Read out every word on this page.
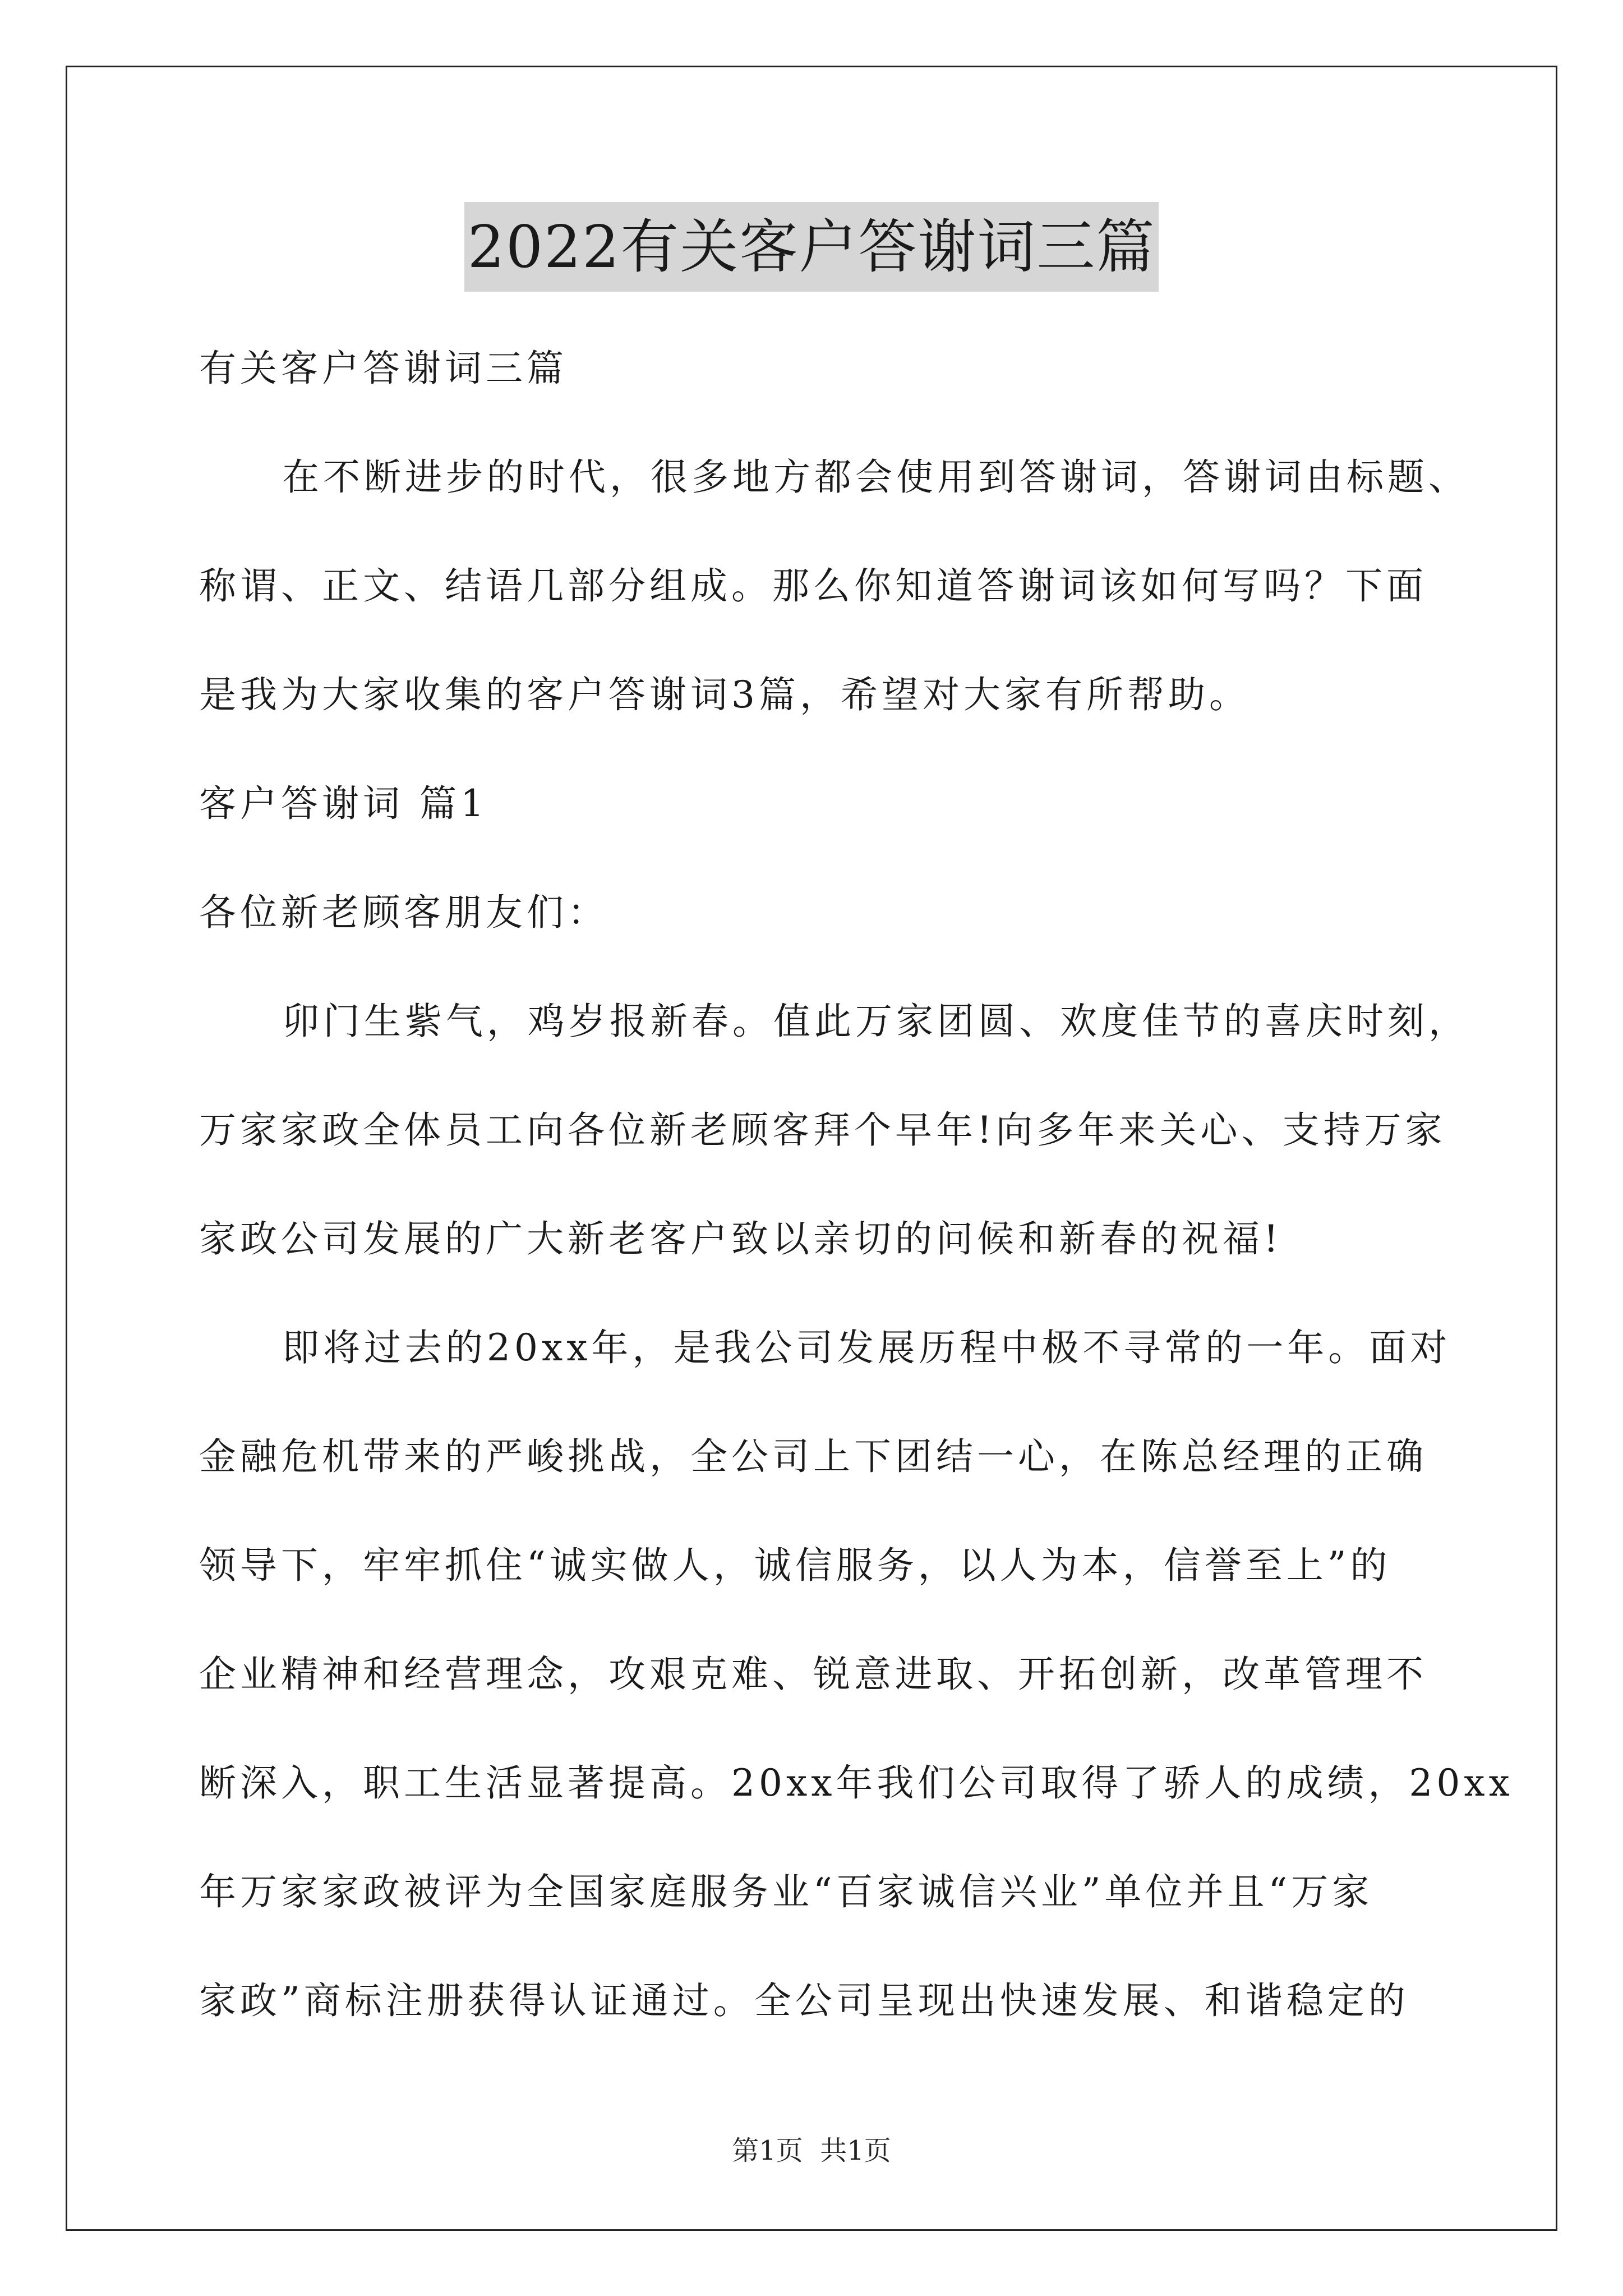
2022有关客户答谢词三篇
有关客户答谢词三篇
在不断进步的时代，很多地方都会使用到答谢词，答谢词由标题、
称谓、正文、结语几部分组成。那么你知道答谢词该如何写吗？下面
是我为大家收集的客户答谢词3篇，希望对大家有所帮助。
客户答谢词 篇1
各位新老顾客朋友们：
卯门生紫气，鸡岁报新春。值此万家团圆、欢度佳节的喜庆时刻，
万家家政全体员工向各位新老顾客拜个早年!向多年来关心、支持万家
家政公司发展的广大新老客户致以亲切的问候和新春的祝福!
即将过去的20xx年，是我公司发展历程中极不寻常的一年。面对
金融危机带来的严峻挑战，全公司上下团结一心，在陈总经理的正确
领导下，牢牢抓住“诚实做人，诚信服务，以人为本，信誉至上”的
企业精神和经营理念，攻艰克难、锐意进取、开拓创新，改革管理不
断深入，职工生活显著提高。20xx年我们公司取得了骄人的成绩，20xx
年万家家政被评为全国家庭服务业“百家诚信兴业”单位并且“万家
家政”商标注册获得认证通过。全公司呈现出快速发展、和谐稳定的
第1页  共1页
